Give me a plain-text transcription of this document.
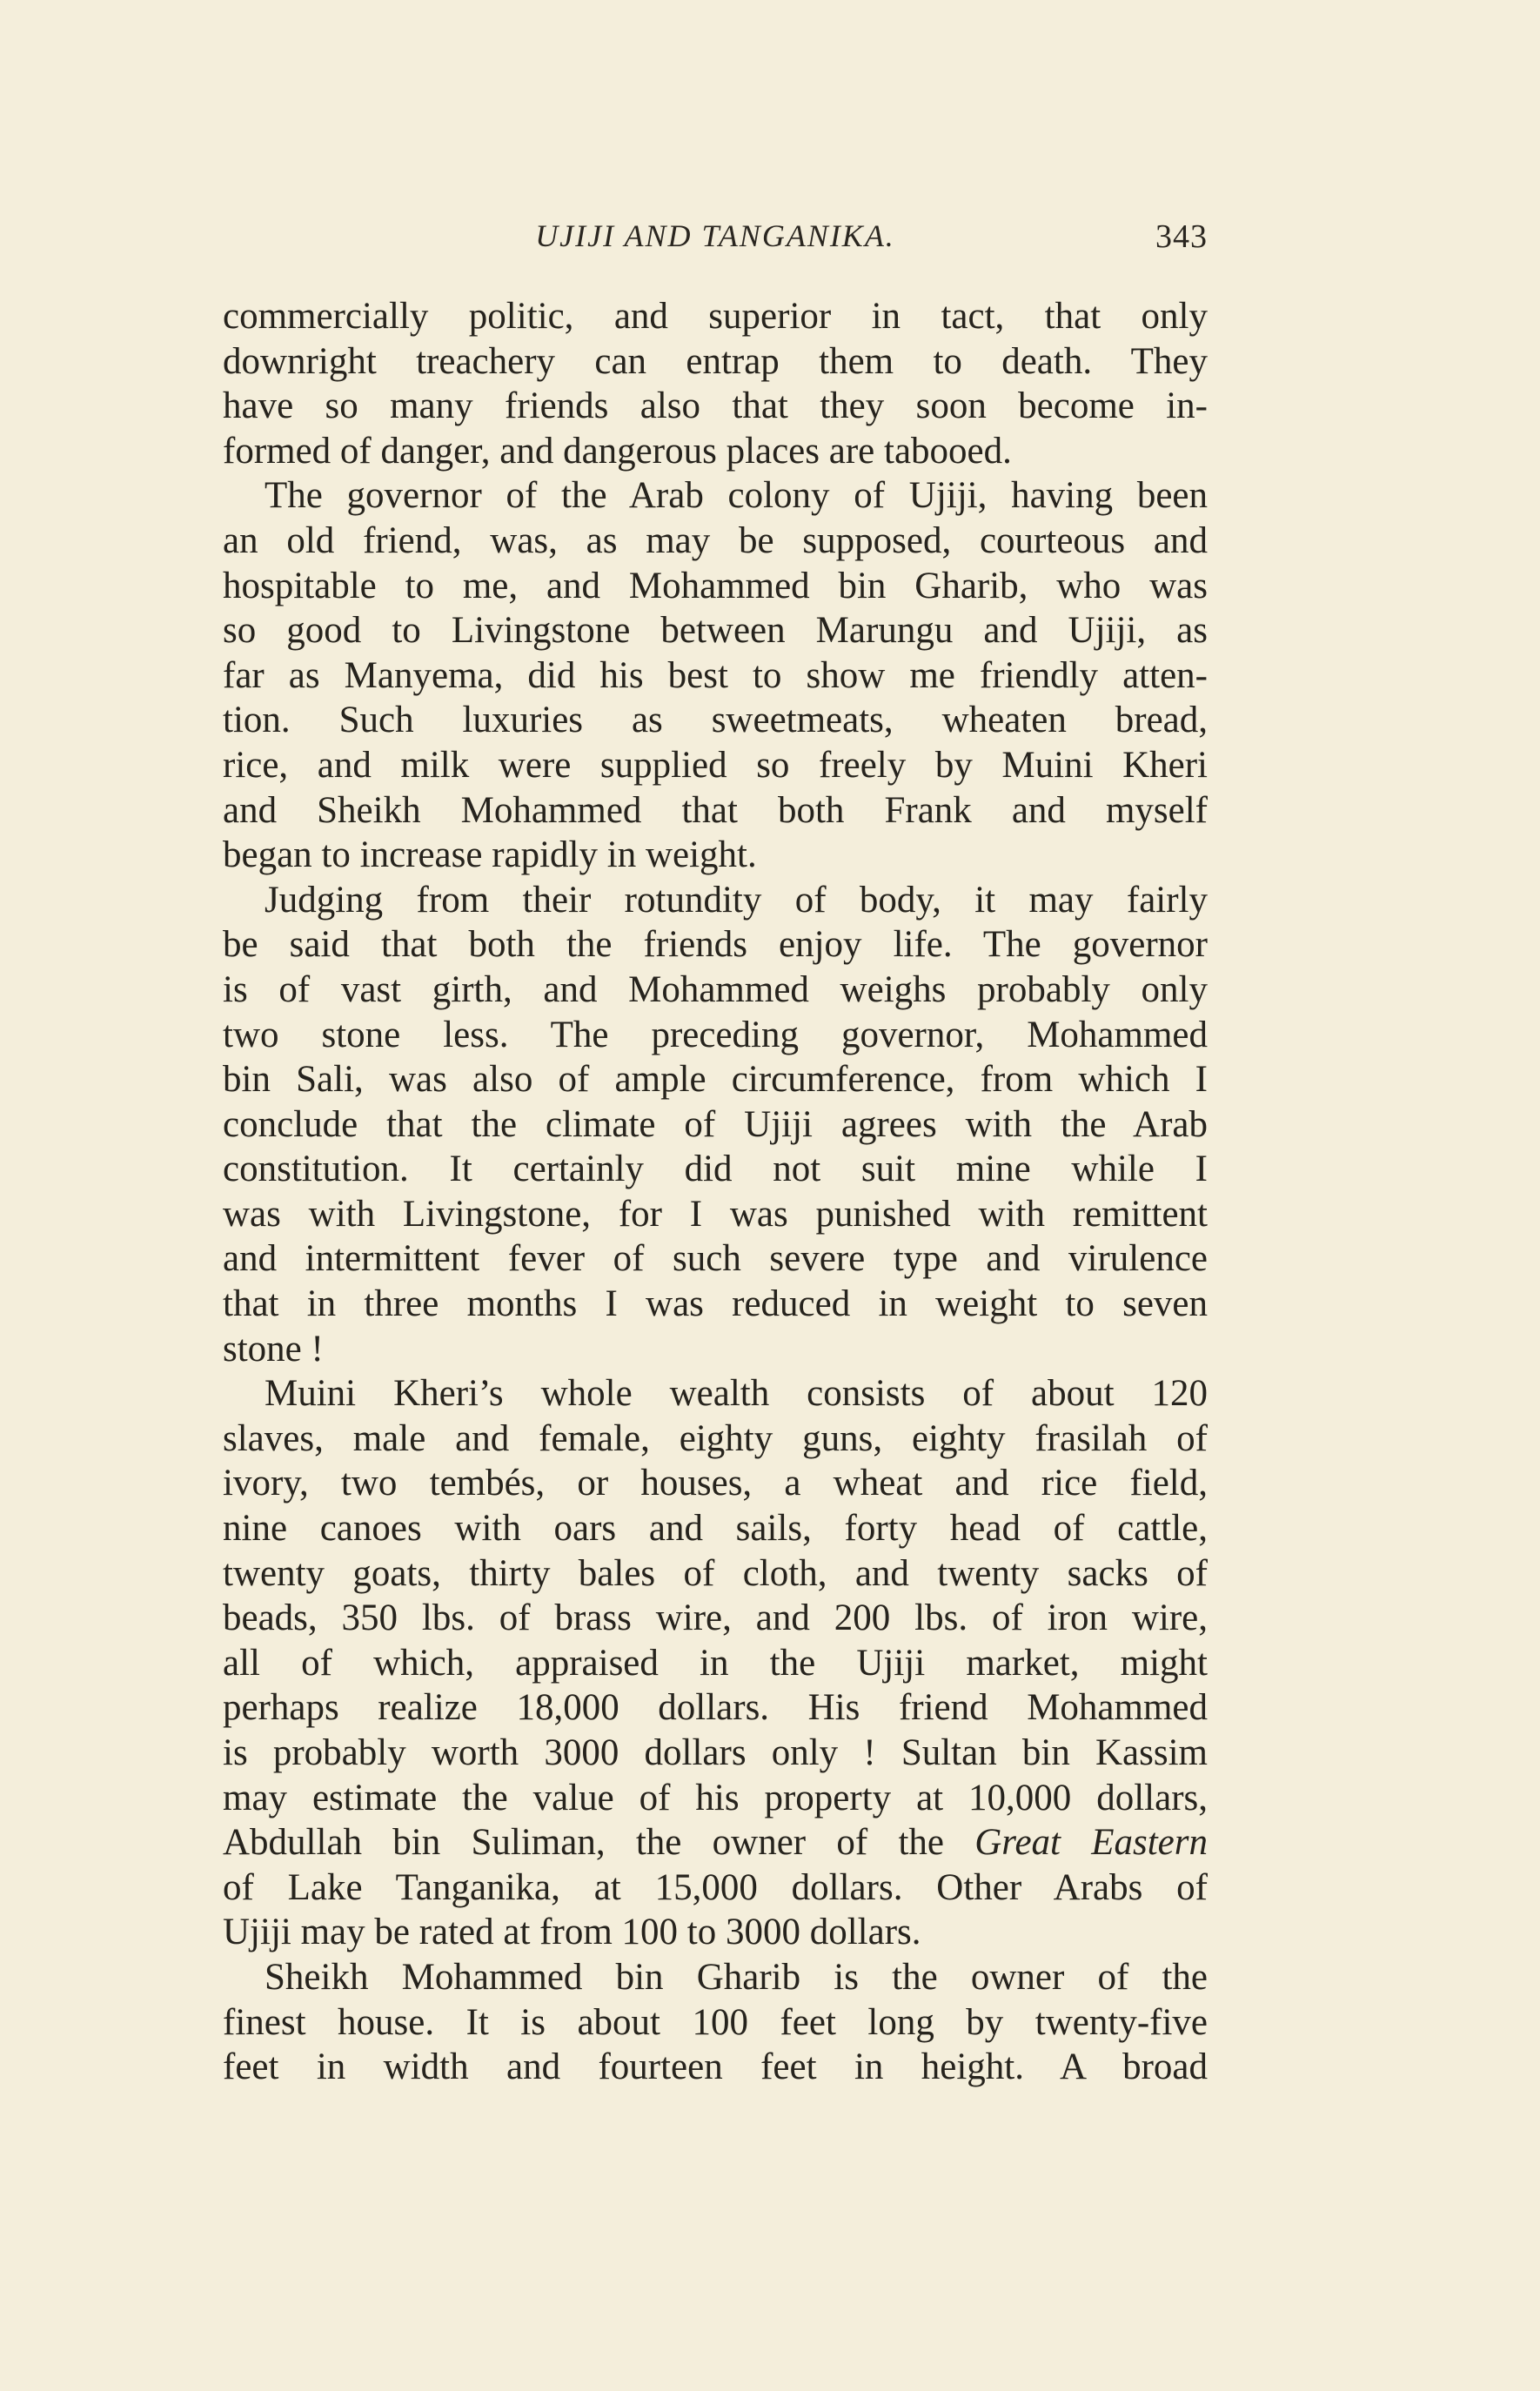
UJIJI AND TANGANIKA.	343
commercially politic, and superior in tact, that only
downright treachery can entrap them to death. They
have so many friends also that they soon become in-
formed of danger, and dangerous places are tabooed.
The governor of the Arab colony of Ujiji, having been
an old friend, was, as may be supposed, courteous and
hospitable to me, and Mohammed bin Gharib, who was
so good to Livingstone between Marungu and Ujiji, as
far as Manyema, did his best to show me friendly atten-
tion. Such luxuries as sweetmeats, wheaten bread,
rice, and milk were supplied so freely by Muini Kheri
and Sheikh Mohammed that both Frank and myself
began to increase rapidly in weight.
Judging from their rotundity of body, it may fairly
be said that both the friends enjoy life. The governor
is of vast girth, and Mohammed weighs probably only
two stone less. The preceding governor, Mohammed
bin Sali, was also of ample circumference, from which I
conclude that the climate of Ujiji agrees with the Arab
constitution. It certainly did not suit mine while I
was with Livingstone, for I was punished with remittent
and intermittent fever of such severe type and virulence
that in three months I was reduced in weight to seven
stone !
Muini Kheri’s whole wealth consists of about 120
slaves, male and female, eighty guns, eighty frasilah of
ivory, two tembés, or houses, a wheat and rice field,
nine canoes with oars and sails, forty head of cattle,
twenty goats, thirty bales of cloth, and twenty sacks of
beads, 350 lbs. of brass wire, and 200 lbs. of iron wire,
all of which, appraised in the Ujiji market, might
perhaps realize 18,000 dollars. His friend Mohammed
is probably worth 3000 dollars only ! Sultan bin Kassim
may estimate the value of his property at 10,000 dollars,
Abdullah bin Suliman, the owner of the Great Eastern
of Lake Tanganika, at 15,000 dollars. Other Arabs of
Ujiji may be rated at from 100 to 3000 dollars.
Sheikh Mohammed bin Gharib is the owner of the
finest house. It is about 100 feet long by twenty-five
feet in width and fourteen feet in height. A broad
